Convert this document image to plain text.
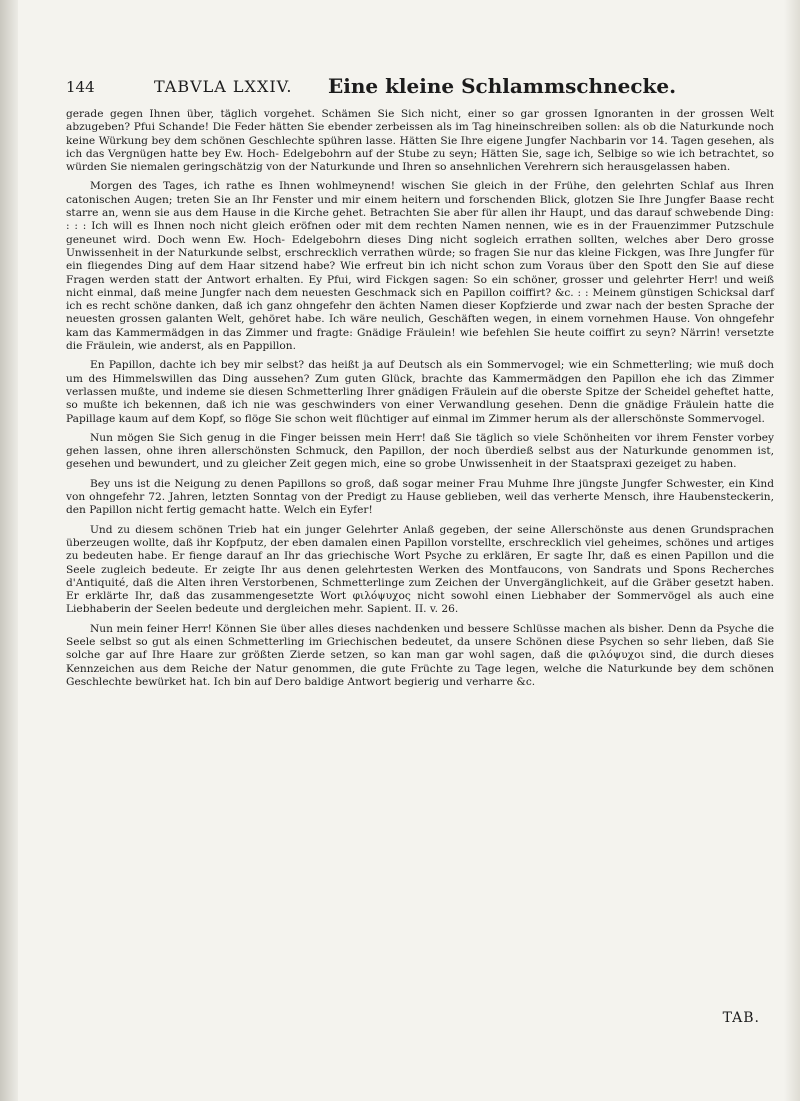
144	TABVLA LXXIV. Eine kleine Schlammschnecke.

gerade gegen Ihnen über, täglich vorgehet. Schämen Sie Sich nicht, einer so gar grossen Ignoranten in der grossen Welt abzugeben? Pfui Schande! Die Feder hätten Sie ebender zerbeissen als im Tag hineinschreiben sollen: als ob die Naturkunde noch keine Würkung bey dem schönen Geschlechte spühren lasse. Hätten Sie Ihre eigene Jungfer Nachbarin vor 14. Tagen gesehen, als ich das Vergnügen hatte bey Ew. Hoch- Edelgebohrn auf der Stube zu seyn; Hätten Sie, sage ich, Selbige so wie ich betrachtet, so würden Sie niemalen geringschätzig von der Naturkunde und Ihren so ansehnlichen Verehrern sich herausgelassen haben.

Morgen des Tages, ich rathe es Ihnen wohlmeynend! wischen Sie gleich in der Frühe, den gelehrten Schlaf aus Ihren catonischen Augen; treten Sie an Ihr Fenster und mir einem heitern und forschenden Blick, glotzen Sie Ihre Jungfer Baase recht starre an, wenn sie aus dem Hause in die Kirche gehet. Betrachten Sie aber für allen ihr Haupt, und das darauf schwebende Ding: : : : Ich will es Ihnen noch nicht gleich eröfnen oder mit dem rechten Namen nennen, wie es in der Frauenzimmer Putzschule geneunet wird. Doch wenn Ew. Hoch- Edelgebohrn dieses Ding nicht sogleich errathen sollten, welches aber Dero grosse Unwissenheit in der Naturkunde selbst, erschrecklich verrathen würde; so fragen Sie nur das kleine Fickgen, was Ihre Jungfer für ein fliegendes Ding auf dem Haar sitzend habe? Wie erfreut bin ich nicht schon zum Voraus über den Spott den Sie auf diese Fragen werden statt der Antwort erhalten. Ey Pfui, wird Fickgen sagen: So ein schöner, grosser und gelehrter Herr! und weiß nicht einmal, daß meine Jungfer nach dem neuesten Geschmack sich en Papillon coiffirt? &c. : : Meinem günstigen Schicksal darf ich es recht schöne danken, daß ich ganz ohngefehr den ächten Namen dieser Kopfzierde und zwar nach der besten Sprache der neuesten grossen galanten Welt, gehöret habe. Ich wäre neulich, Geschäften wegen, in einem vornehmen Hause. Von ohngefehr kam das Kammermädgen in das Zimmer und fragte: Gnädige Fräulein! wie befehlen Sie heute coiffirt zu seyn? Närrin! versetzte die Fräulein, wie anderst, als en Pappillon.

En Papillon, dachte ich bey mir selbst? das heißt ja auf Deutsch als ein Sommervogel; wie ein Schmetterling; wie muß doch um des Himmelswillen das Ding aussehen? Zum guten Glück, brachte das Kammermädgen den Papillon ehe ich das Zimmer verlassen mußte, und indeme sie diesen Schmetterling Ihrer gnädigen Fräulein auf die oberste Spitze der Scheidel geheftet hatte, so mußte ich bekennen, daß ich nie was geschwinders von einer Verwandlung gesehen. Denn die gnädige Fräulein hatte die Papillage kaum auf dem Kopf, so flöge Sie schon weit flüchtiger auf einmal im Zimmer herum als der allerschönste Sommervogel.

Nun mögen Sie Sich genug in die Finger beissen mein Herr! daß Sie täglich so viele Schönheiten vor ihrem Fenster vorbey gehen lassen, ohne ihren allerschönsten Schmuck, den Papillon, der noch überdieß selbst aus der Naturkunde genommen ist, gesehen und bewundert, und zu gleicher Zeit gegen mich, eine so grobe Unwissenheit in der Staatspraxi gezeiget zu haben.

Bey uns ist die Neigung zu denen Papillons so groß, daß sogar meiner Frau Muhme Ihre jüngste Jungfer Schwester, ein Kind von ohngefehr 72. Jahren, letzten Sonntag von der Predigt zu Hause geblieben, weil das verherte Mensch, ihre Haubensteckerin, den Papillon nicht fertig gemacht hatte. Welch ein Eyfer!

Und zu diesem schönen Trieb hat ein junger Gelehrter Anlaß gegeben, der seine Allerschönste aus denen Grundsprachen überzeugen wollte, daß ihr Kopfputz, der eben damalen einen Papillon vorstellte, erschrecklich viel geheimes, schönes und artiges zu bedeuten habe. Er fienge darauf an Ihr das griechische Wort Psyche zu erklären, Er sagte Ihr, daß es einen Papillon und die Seele zugleich bedeute. Er zeigte Ihr aus denen gelehrtesten Werken des Montfaucons, von Sandrats und Spons Recherches d'Antiquité, daß die Alten ihren Verstorbenen, Schmetterlinge zum Zeichen der Unvergänglichkeit, auf die Gräber gesetzt haben. Er erklärte Ihr, daß das zusammengesetzte Wort φιλόψυχος nicht sowohl einen Liebhaber der Sommervögel als auch eine Liebhaberin der Seelen bedeute und dergleichen mehr. Sapient. II. v. 26.

Nun mein feiner Herr! Können Sie über alles dieses nachdenken und bessere Schlüsse machen als bisher. Denn da Psyche die Seele selbst so gut als einen Schmetterling im Griechischen bedeutet, da unsere Schönen diese Psychen so sehr lieben, daß Sie solche gar auf Ihre Haare zur größten Zierde setzen, so kan man gar wohl sagen, daß die φιλόψυχοι sind, die durch dieses Kennzeichen aus dem Reiche der Natur genommen, die gute Früchte zu Tage legen, welche die Naturkunde bey dem schönen Geschlechte bewürket hat. Ich bin auf Dero baldige Antwort begierig und verharre &c.

TAB.
